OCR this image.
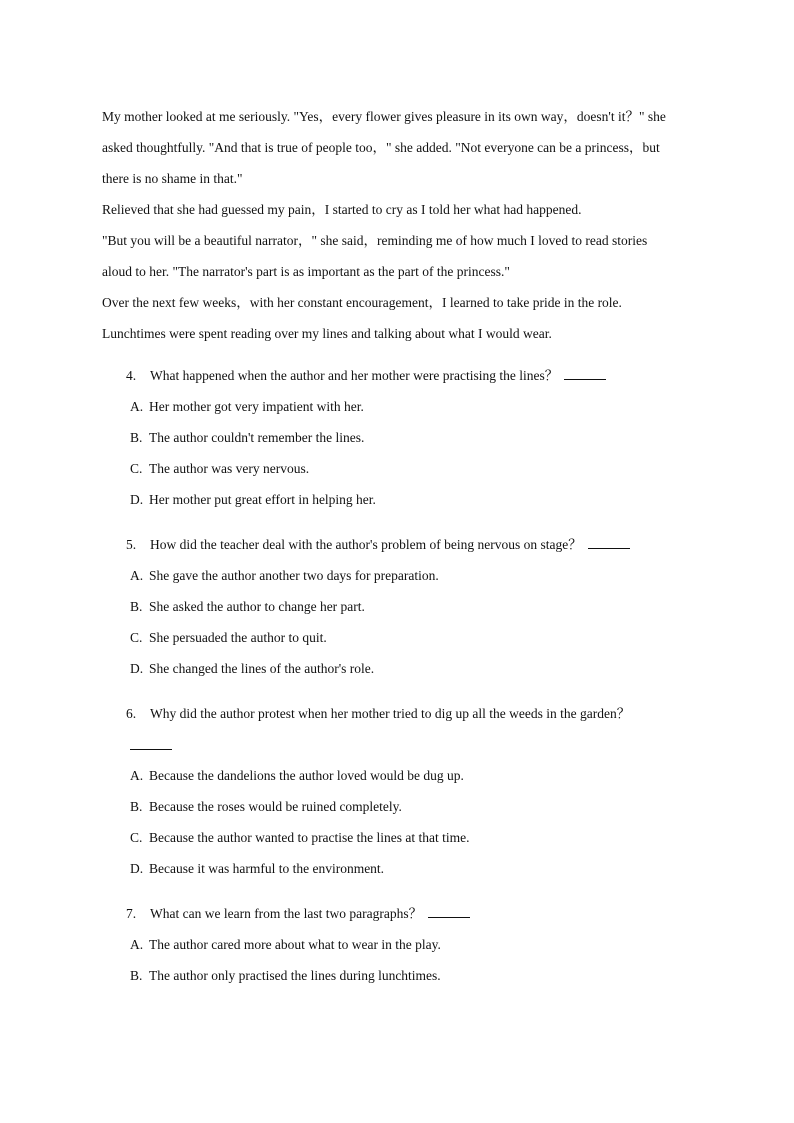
My mother looked at me seriously. "Yes，every flower gives pleasure in its own way，doesn't it？" she

asked thoughtfully. "And that is true of people too，" she added. "Not everyone can be a princess，but

there is no shame in that."

Relieved that she had guessed my pain，I started to cry as I told her what had happened.

"But you will be a beautiful narrator，" she said，reminding me of how much I loved to read stories

aloud to her. "The narrator's part is as important as the part of the princess."

Over the next few weeks，with her constant encouragement，I learned to take pride in the role.

Lunchtimes were spent reading over my lines and talking about what I would wear.

4. What happened when the author and her mother were practising the lines？
A. Her mother got very impatient with her.
B. The author couldn't remember the lines.
C. The author was very nervous.
D. Her mother put great effort in helping her.
5. How did the teacher deal with the author's problem of being nervous on stage？
A. She gave the author another two days for preparation.
B. She asked the author to change her part.
C. She persuaded the author to quit.
D. She changed the lines of the author's role.
6. Why did the author protest when her mother tried to dig up all the weeds in the garden？
A. Because the dandelions the author loved would be dug up.
B. Because the roses would be ruined completely.
C. Because the author wanted to practise the lines at that time.
D. Because it was harmful to the environment.
7. What can we learn from the last two paragraphs？
A. The author cared more about what to wear in the play.
B. The author only practised the lines during lunchtimes.
